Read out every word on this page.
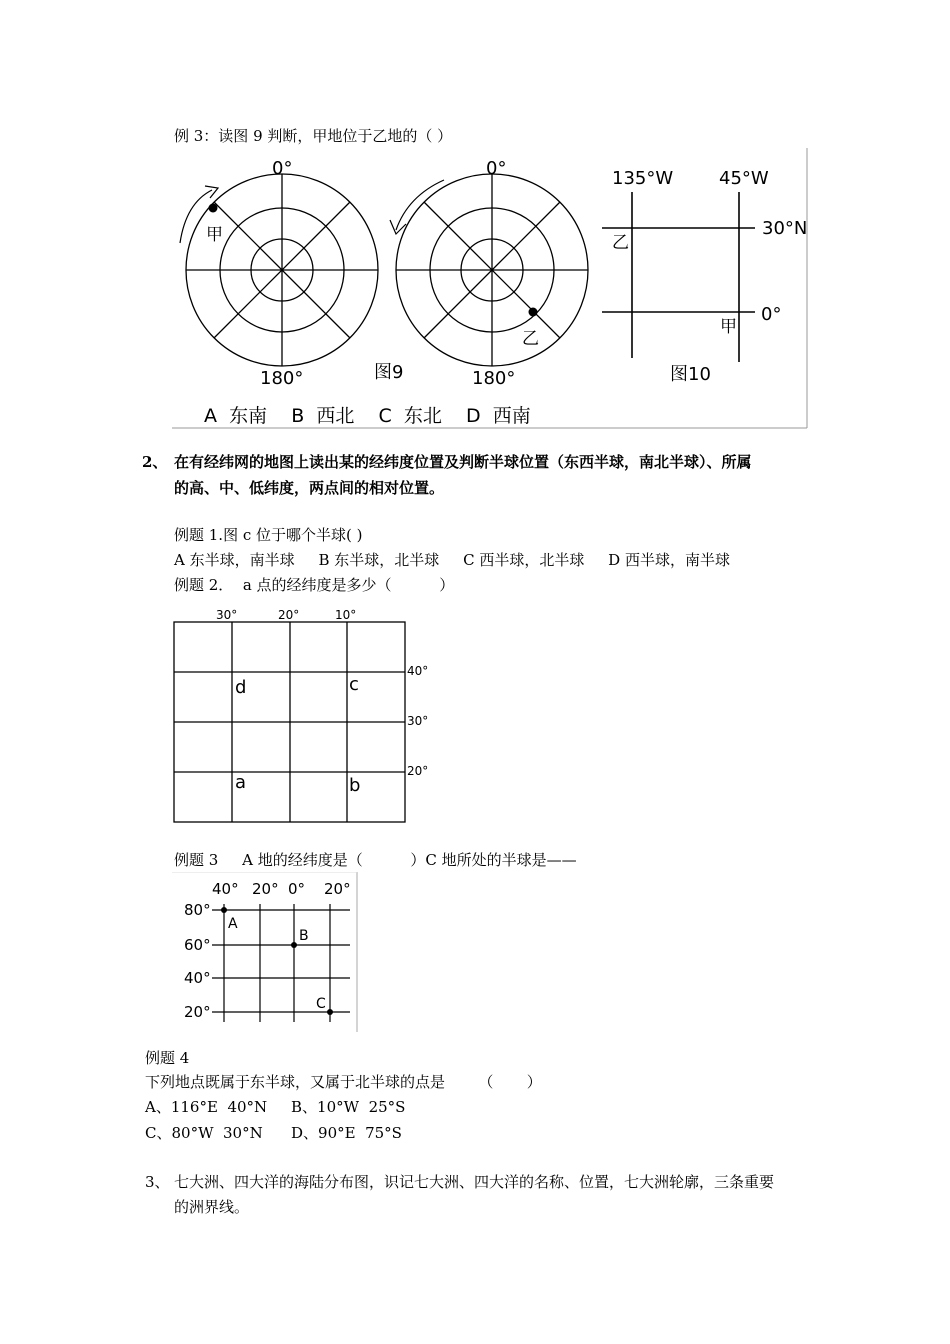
例 3：读图 9 判断，甲地位于乙地的（ ）
甲
0°
180°
乙
0°
180°
图9
135°W	45°W
30°N
0°
乙
甲
图10
A  东南    B  西北    C  东北    D  西南
2、 在有经纬网的地图上读出某的经纬度位置及判断半球位置（东西半球，南北半球）、所属
的高、中、低纬度，两点间的相对位置。
例题 1.图 c 位于哪个半球( )
A 东半球，南半球     B 东半球，北半球     C 西半球，北半球     D 西半球，南半球
例题 2．  a 点的经纬度是多少（          ）
30°	20°	10°
40°
30°
20°
d	c
a	b
例题 3     A 地的经纬度是（          ）C 地所处的半球是——
40° 20° 0° 20°
80°
60°
40°
20°
A
B
C
例题 4
下列地点既属于东半球，又属于北半球的点是       （       ）
A、116°E  40°N B、10°W  25°S
C、80°W  30°N D、90°E  75°S
3、 七大洲、四大洋的海陆分布图，识记七大洲、四大洋的名称、位置，七大洲轮廓，三条重要
的洲界线。
